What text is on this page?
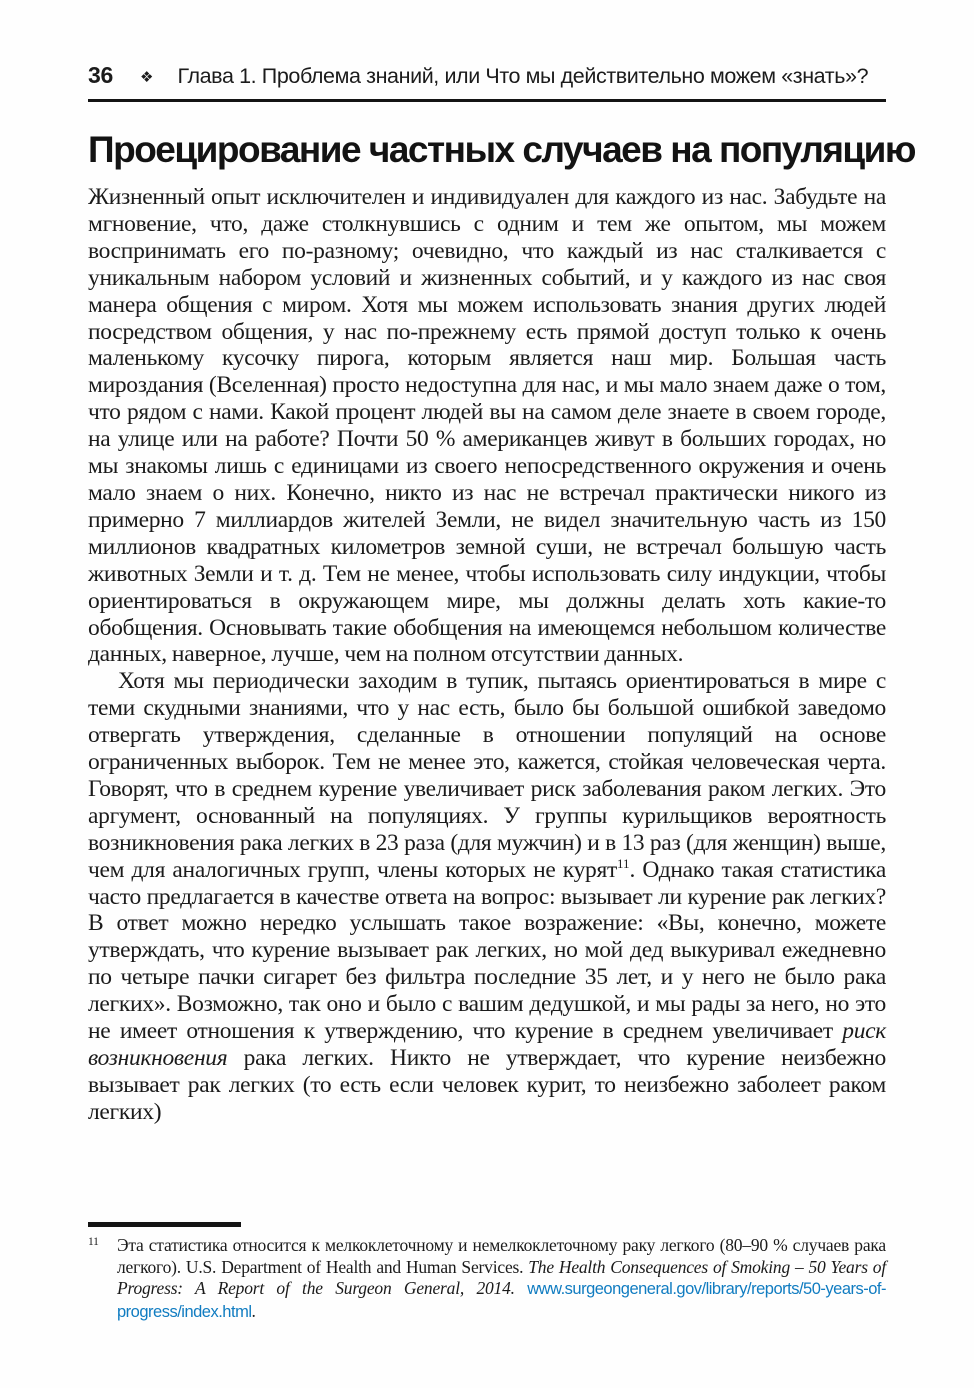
36 ❖ Глава 1. Проблема знаний, или Что мы действительно можем «знать»?
Проецирование частных случаев на популяцию

Жизненный опыт исключителен и индивидуален для каждого из нас. Забудьте на мгновение, что, даже столкнувшись с одним и тем же опытом, мы можем воспринимать его по-разному; очевидно, что каждый из нас сталкивается с уникальным набором условий и жизненных событий, и у каждого из нас своя манера общения с миром. Хотя мы можем использовать знания других людей посредством общения, у нас по-прежнему есть прямой доступ только к очень маленькому кусочку пирога, которым является наш мир. Большая часть мироздания (Вселенная) просто недоступна для нас, и мы мало знаем даже о том, что рядом с нами. Какой процент людей вы на самом деле знаете в своем городе, на улице или на работе? Почти 50 % американцев живут в больших городах, но мы знакомы лишь с единицами из своего непосредственного окружения и очень мало знаем о них. Конечно, никто из нас не встречал практически никого из примерно 7 миллиардов жителей Земли, не видел значительную часть из 150 миллионов квадратных километров земной суши, не встречал большую часть животных Земли и т. д. Тем не менее, чтобы использовать силу индукции, чтобы ориентироваться в окружающем мире, мы должны делать хоть какие-то обобщения. Основывать такие обобщения на имеющемся небольшом количестве данных, наверное, лучше, чем на полном отсутствии данных.

Хотя мы периодически заходим в тупик, пытаясь ориентироваться в мире с теми скудными знаниями, что у нас есть, было бы большой ошибкой заведомо отвергать утверждения, сделанные в отношении популяций на основе ограниченных выборок. Тем не менее это, кажется, стойкая человеческая черта. Говорят, что в среднем курение увеличивает риск заболевания раком легких. Это аргумент, основанный на популяциях. У группы курильщиков вероятность возникновения рака легких в 23 раза (для мужчин) и в 13 раз (для женщин) выше, чем для аналогичных групп, члены которых не курят$^{11}$. Однако такая статистика часто предлагается в качестве ответа на вопрос: вызывает ли курение рак легких? В ответ можно нередко услышать такое возражение: «Вы, конечно, можете утверждать, что курение вызывает рак легких, но мой дед выкуривал ежедневно по четыре пачки сигарет без фильтра последние 35 лет, и у него не было рака легких». Возможно, так оно и было с вашим дедушкой, и мы рады за него, но это не имеет отношения к утверждению, что курение в среднем увеличивает риск возникновения рака легких. Никто не утверждает, что курение неизбежно вызывает рак легких (то есть если человек курит, то неизбежно заболеет раком легких)

11 Эта статистика относится к мелкоклеточному и немелкоклеточному раку легкого (80–90 % случаев рака легкого). U.S. Department of Health and Human Services. The Health Consequences of Smoking – 50 Years of Progress: A Report of the Surgeon General, 2014. www.surgeongeneral.gov/library/reports/50-years-of-progress/index.html.
